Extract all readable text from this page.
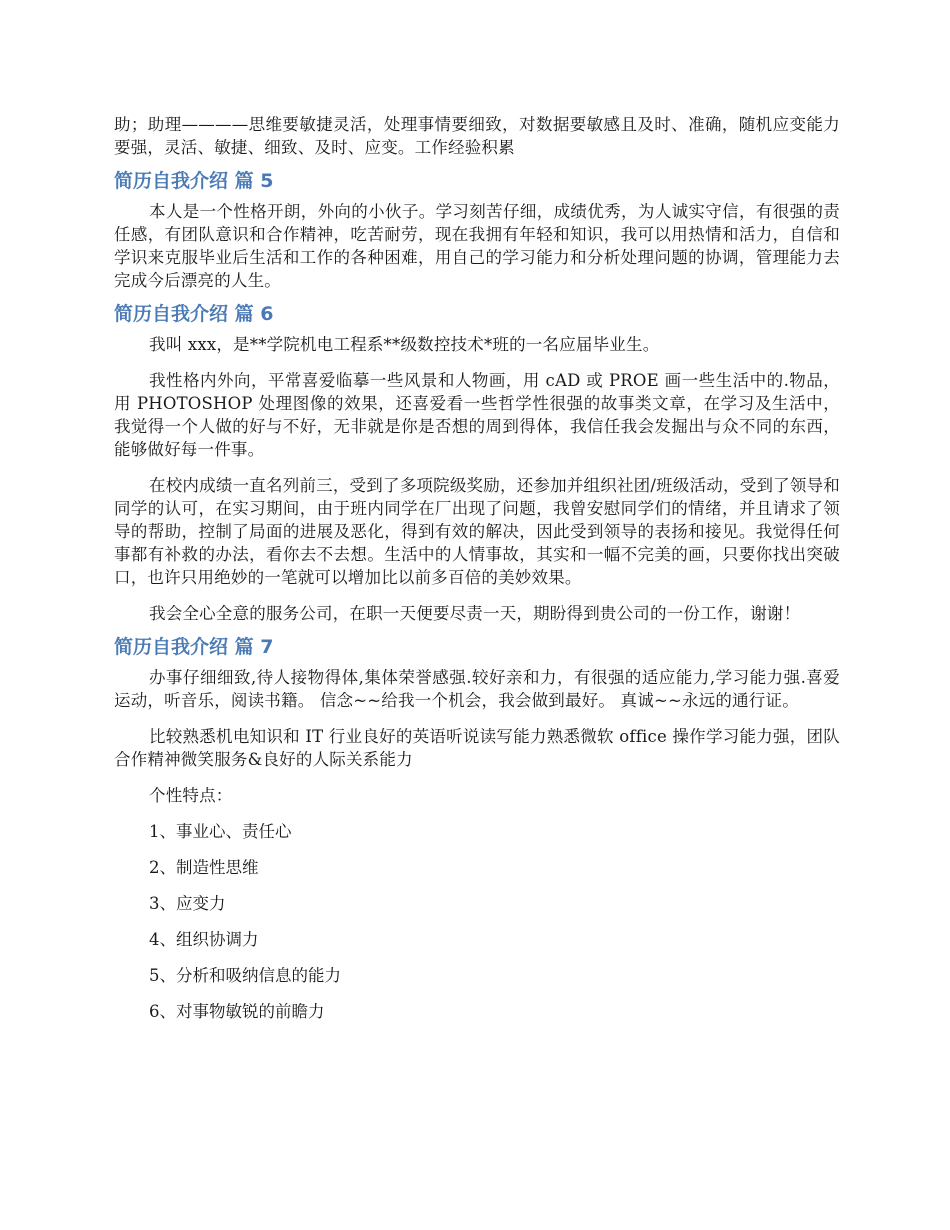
助；助理————思维要敏捷灵活，处理事情要细致，对数据要敏感且及时、准确，随机应变能力要强，灵活、敏捷、细致、及时、应变。工作经验积累

简历自我介绍 篇 5

本人是一个性格开朗，外向的小伙子。学习刻苦仔细，成绩优秀，为人诚实守信，有很强的责任感，有团队意识和合作精神，吃苦耐劳，现在我拥有年轻和知识，我可以用热情和活力，自信和学识来克服毕业后生活和工作的各种困难，用自己的学习能力和分析处理问题的协调，管理能力去完成今后漂亮的人生。

简历自我介绍 篇 6

我叫 xxx，是**学院机电工程系**级数控技术*班的一名应届毕业生。

我性格内外向，平常喜爱临摹一些风景和人物画，用 cAD 或 PROE 画一些生活中的.物品，用 PHOTOSHOP 处理图像的效果，还喜爱看一些哲学性很强的故事类文章，在学习及生活中，我觉得一个人做的好与不好，无非就是你是否想的周到得体，我信任我会发掘出与众不同的东西，能够做好每一件事。

在校内成绩一直名列前三，受到了多项院级奖励，还参加并组织社团/班级活动，受到了领导和同学的认可，在实习期间，由于班内同学在厂出现了问题，我曾安慰同学们的情绪，并且请求了领导的帮助，控制了局面的进展及恶化，得到有效的解决，因此受到领导的表扬和接见。我觉得任何事都有补救的办法，看你去不去想。生活中的人情事故，其实和一幅不完美的画，只要你找出突破口，也许只用绝妙的一笔就可以增加比以前多百倍的美妙效果。

我会全心全意的服务公司，在职一天便要尽责一天，期盼得到贵公司的一份工作，谢谢！

简历自我介绍 篇 7

办事仔细细致,待人接物得体,集体荣誉感强.较好亲和力，有很强的适应能力,学习能力强.喜爱运动，听音乐，阅读书籍。 信念~~给我一个机会，我会做到最好。 真诚~~永远的通行证。

比较熟悉机电知识和 IT 行业良好的英语听说读写能力熟悉微软 office 操作学习能力强，团队合作精神微笑服务&良好的人际关系能力

个性特点：

1、事业心、责任心

2、制造性思维

3、应变力

4、组织协调力

5、分析和吸纳信息的能力

6、对事物敏锐的前瞻力
